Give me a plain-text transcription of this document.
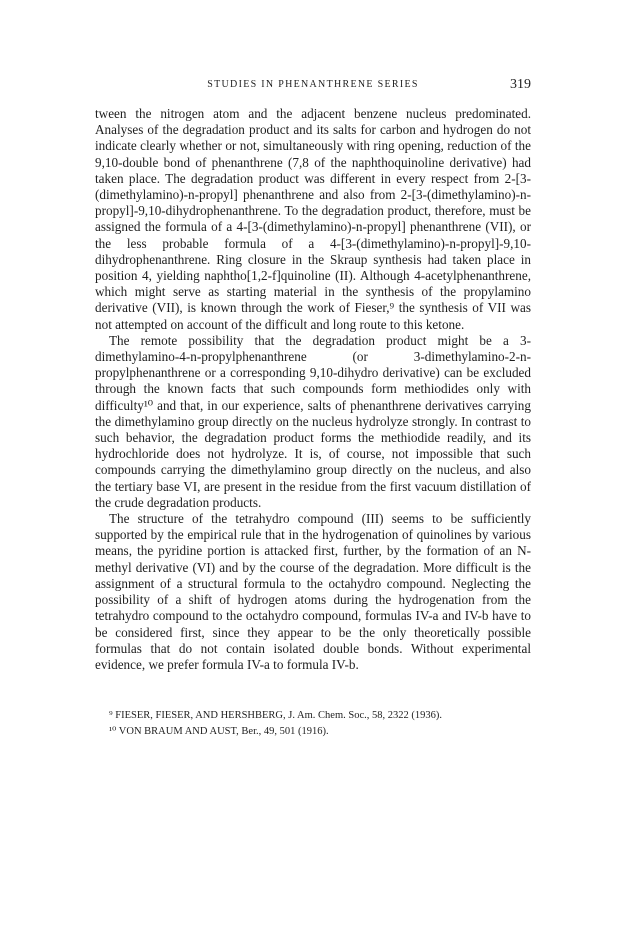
STUDIES IN PHENANTHRENE SERIES	319

tween the nitrogen atom and the adjacent benzene nucleus predominated. Analyses of the degradation product and its salts for carbon and hydrogen do not indicate clearly whether or not, simultaneously with ring opening, reduction of the 9,10-double bond of phenanthrene (7,8 of the naphthoquinoline derivative) had taken place. The degradation product was different in every respect from 2-[3-(dimethylamino)-n-propyl] phenanthrene and also from 2-[3-(dimethylamino)-n-propyl]-9,10-dihydrophenanthrene. To the degradation product, therefore, must be assigned the formula of a 4-[3-(dimethylamino)-n-propyl] phenanthrene (VII), or the less probable formula of a 4-[3-(dimethylamino)-n-propyl]-9,10-dihydrophenanthrene. Ring closure in the Skraup synthesis had taken place in position 4, yielding naphtho[1,2-f]quinoline (II). Although 4-acetylphenanthrene, which might serve as starting material in the synthesis of the propylamino derivative (VII), is known through the work of Fieser,⁹ the synthesis of VII was not attempted on account of the difficult and long route to this ketone.

The remote possibility that the degradation product might be a 3-dimethylamino-4-n-propylphenanthrene (or 3-dimethylamino-2-n-propylphenanthrene or a corresponding 9,10-dihydro derivative) can be excluded through the known facts that such compounds form methiodides only with difficulty¹⁰ and that, in our experience, salts of phenanthrene derivatives carrying the dimethylamino group directly on the nucleus hydrolyze strongly. In contrast to such behavior, the degradation product forms the methiodide readily, and its hydrochloride does not hydrolyze. It is, of course, not impossible that such compounds carrying the dimethylamino group directly on the nucleus, and also the tertiary base VI, are present in the residue from the first vacuum distillation of the crude degradation products.

The structure of the tetrahydro compound (III) seems to be sufficiently supported by the empirical rule that in the hydrogenation of quinolines by various means, the pyridine portion is attacked first, further, by the formation of an N-methyl derivative (VI) and by the course of the degradation. More difficult is the assignment of a structural formula to the octahydro compound. Neglecting the possibility of a shift of hydrogen atoms during the hydrogenation from the tetrahydro compound to the octahydro compound, formulas IV-a and IV-b have to be considered first, since they appear to be the only theoretically possible formulas that do not contain isolated double bonds. Without experimental evidence, we prefer formula IV-a to formula IV-b.

⁹ FIESER, FIESER, AND HERSHBERG, J. Am. Chem. Soc., 58, 2322 (1936).
¹⁰ VON BRAUM AND AUST, Ber., 49, 501 (1916).
